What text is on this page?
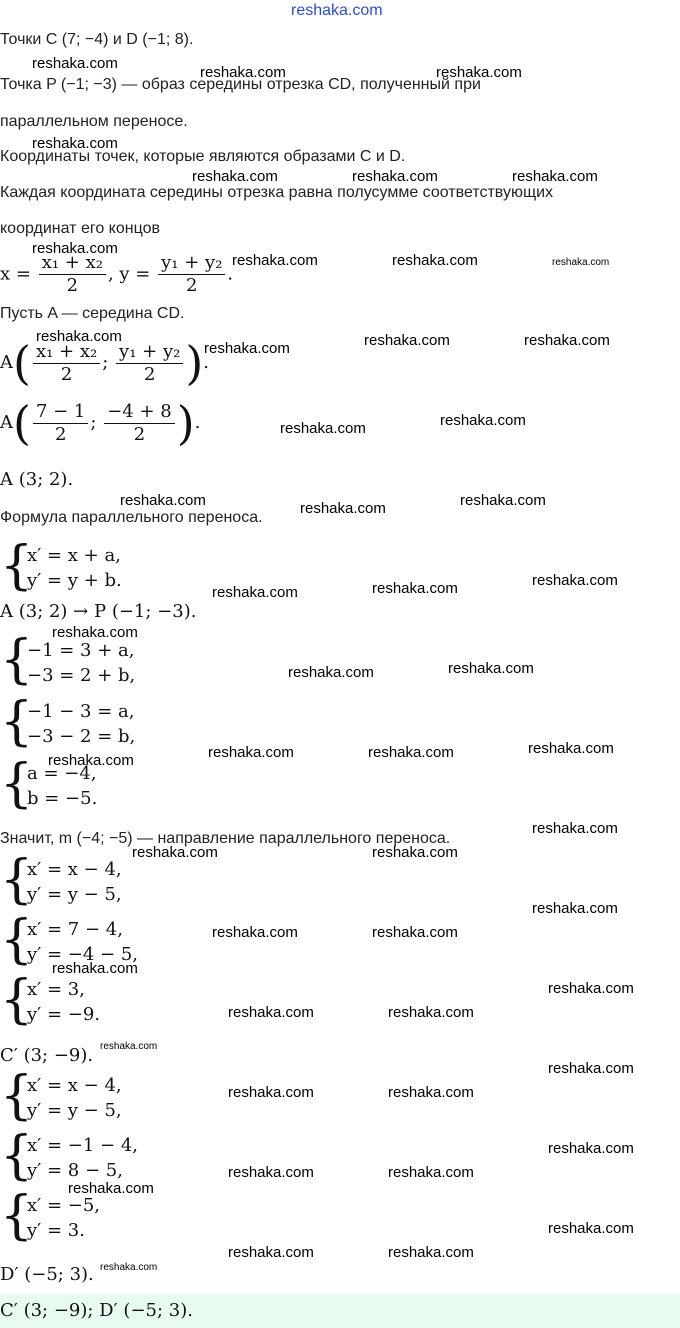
reshaka.com
Точки C (7; −4) и D (−1; 8).
Точка P (−1; −3) — образ середины отрезка CD, полученный при
параллельном переносе.
Координаты точек, которые являются образами C и D.
Каждая координата середины отрезка равна полусумме соответствующих
координат его концов
$x = \frac{\text{x₁ + x₂}}{2}$ , $y = \frac{\text{y₁ + y₂}}{2}$ .
Пусть A — середина CD.
$A( \frac{\text{x₁ + x₂}}{2}$ ; $\frac{\text{y₁ + y₂}}{2}$ ).
$A( \frac{7 - 1}{2}$ ; $\frac{-4 + 8}{2}$ ).
A (3; 2).
Формула параллельного переноса.
{
x′ = x + a,
y′ = y + b.
A (3; 2) → P (−1; −3).
{
−1 = 3 + a,
−3 = 2 + b,
{
−1 − 3 = a,
−3 − 2 = b,
{
a = −4,
b = −5.
Значит, m (−4; −5) — направление параллельного переноса.
{
x′ = x − 4,
y′ = y − 5,
{
x′ = 7 − 4,
y′ = −4 − 5,
{
x′ = 3,
y′ = −9.
C′ (3; −9).
{
x′ = x − 4,
y′ = y − 5,
{
x′ = −1 − 4,
y′ = 8 − 5,
{
x′ = −5,
y′ = 3.
D′ (−5; 3).
C′ (3; −9); D′ (−5; 3).
reshaka.com
reshaka.com	reshaka.com
reshaka.com
reshaka.com	reshaka.com	reshaka.com
reshaka.com
reshaka.com	reshaka.com	reshaka.com
reshaka.com
reshaka.com	reshaka.com	reshaka.com
reshaka.com	reshaka.com
reshaka.com	reshaka.com	reshaka.com
reshaka.com	reshaka.com	reshaka.com
reshaka.com
reshaka.com	reshaka.com
reshaka.com	reshaka.com	reshaka.com
reshaka.com
reshaka.com
reshaka.com	reshaka.com
reshaka.com
reshaka.com	reshaka.com
reshaka.com
reshaka.com
reshaka.com	reshaka.com
reshaka.com
reshaka.com
reshaka.com	reshaka.com
reshaka.com
reshaka.com	reshaka.com
reshaka.com
reshaka.com
reshaka.com	reshaka.com
reshaka.com
